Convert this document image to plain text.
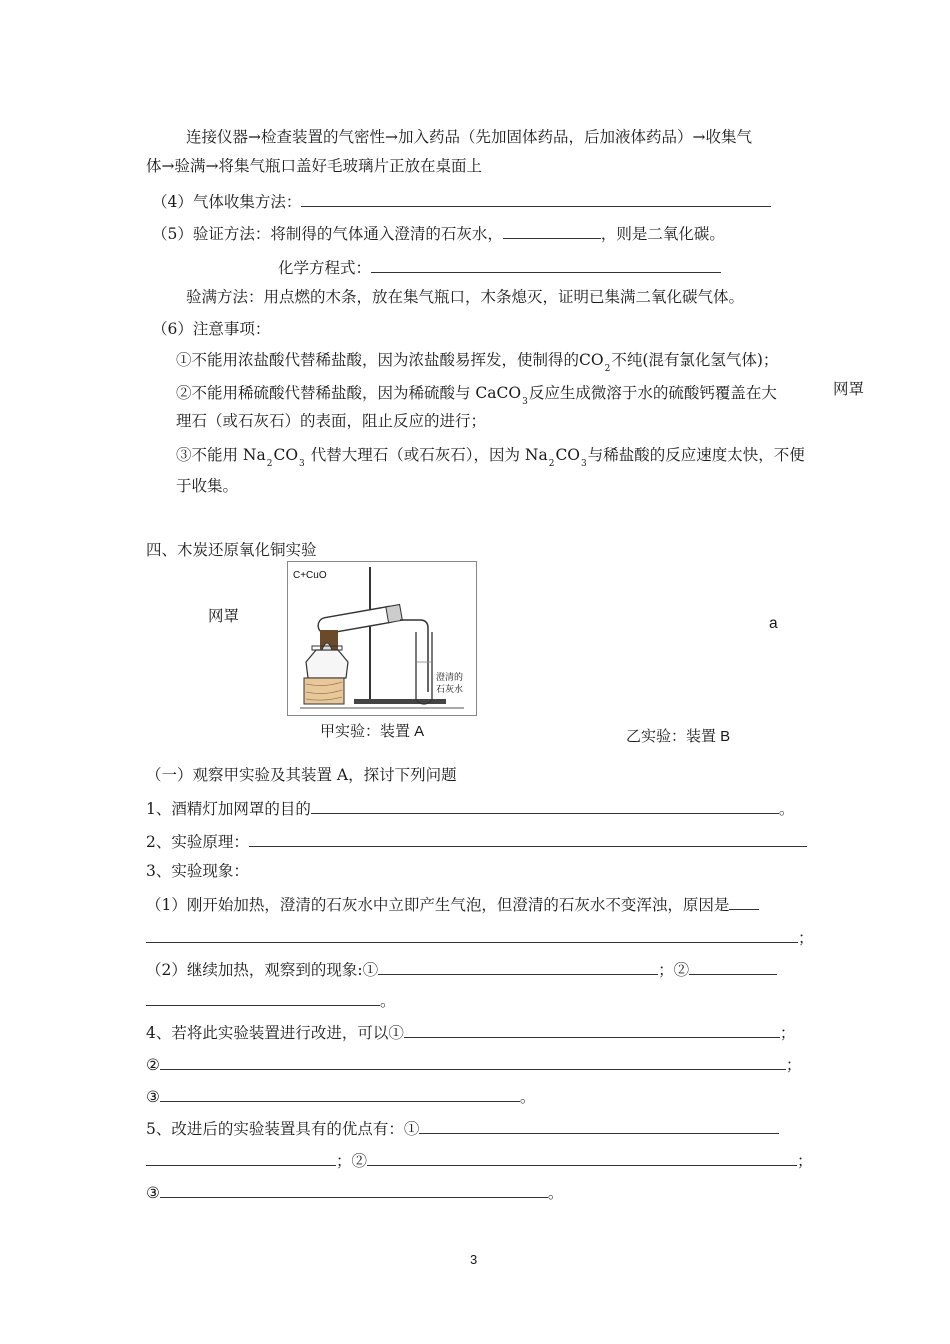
连接仪器→检查装置的气密性→加入药品（先加固体药品，后加液体药品）→收集气
体→验满→将集气瓶口盖好毛玻璃片正放在桌面上
（4）气体收集方法：
（5）验证方法：将制得的气体通入澄清的石灰水，	，则是二氧化碳。
化学方程式：
验满方法：用点燃的木条，放在集气瓶口，木条熄灭，证明已集满二氧化碳气体。
（6）注意事项：
①不能用浓盐酸代替稀盐酸，因为浓盐酸易挥发，使制得的$CO_2$不纯(混有氯化氢气体)；
②不能用稀硫酸代替稀盐酸，因为稀硫酸与 CaCO$_3$反应生成微溶于水的硫酸钙覆盖在大	网罩
理石（或石灰石）的表面，阻止反应的进行；
③不能用 $Na_2CO_3$ 代替大理石（或石灰石），因为 $Na_2CO_3$与稀盐酸的反应速度太快，不便
于收集。
四、木炭还原氧化铜实验
网罩	a
C+CuO
澄清的
石灰水
甲实验：装置 A	乙实验：装置 B
（一）观察甲实验及其装置 A，探讨下列问题
1、酒精灯加网罩的目的	。
2、实验原理：
3、实验现象：
（1）刚开始加热，澄清的石灰水中立即产生气泡，但澄清的石灰水不变浑浊，原因是
；
（2）继续加热，观察到的现象:①	；②
。
4、若将此实验装置进行改进，可以①	；
②	；
③	。
5、改进后的实验装置具有的优点有：①
；②	；
③	。
3
